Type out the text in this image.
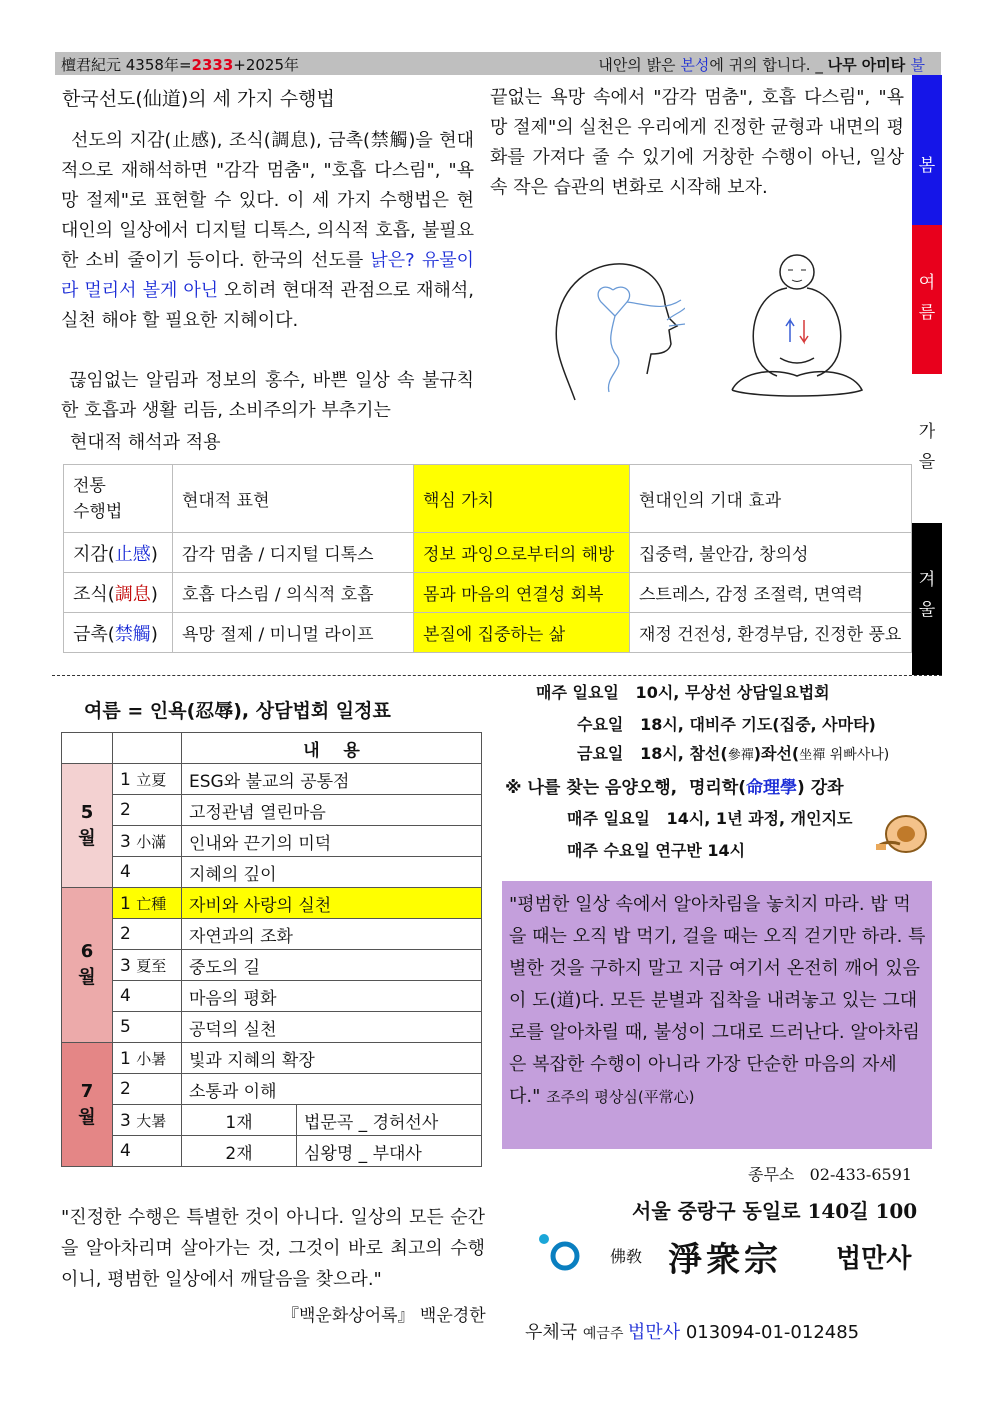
檀君紀元 4358年=2333+2025年	내안의 밝은 본성에 귀의 합니다. _ 나무 아미타 불
한국선도(仙道)의 세 가지 수행법
선도의 지감(止感), 조식(調息), 금촉(禁觸)을 현대적으로 재해석하면 "감각 멈춤", "호흡 다스림", "욕망 절제"로 표현할 수 있다. 이 세 가지 수행법은 현대인의 일상에서 디지털 디톡스, 의식적 호흡, 불필요한 소비 줄이기 등이다. 한국의 선도를 낡은? 유물이라 멀리서 볼게 아닌 오히려 현대적 관점으로 재해석, 실천 해야 할 필요한 지혜이다.
끊임없는 알림과 정보의 홍수, 바쁜 일상 속 불규칙한 호흡과 생활 리듬, 소비주의가 부추기는
현대적 해석과 적용
끝없는 욕망 속에서 "감각 멈춤", 호흡 다스림", "욕망 절제"의 실천은 우리에게 진정한 균형과 내면의 평화를 가져다 줄 수 있기에 거창한 수행이 아닌, 일상 속 작은 습관의 변화로 시작해 보자.
봄
여
름
가
을
겨
울
전통
수행법	현대적 표현	핵심 가치	현대인의 기대 효과
지감(止感)	감각 멈춤 / 디지털 디톡스	정보 과잉으로부터의 해방	집중력, 불안감, 창의성
조식(調息)	호흡 다스림 / 의식적 호흡	몸과 마음의 연결성 회복	스트레스, 감정 조절력, 면역력
금촉(禁觸)	욕망 절제 / 미니멀 라이프	본질에 집중하는 삶	재정 건전성, 환경부담, 진정한 풍요
여름 = 인욕(忍辱), 상담법회 일정표
		내    용	
5
월	1 立夏	ESG와 불교의 공통점	
	2	고정관념 열린마음	
	3 小滿	인내와 끈기의 미덕	
	4	지혜의 깊이	
6
월	1 亡種	자비와 사랑의 실천	
	2	자연과의 조화	
	3 夏至	중도의 길	
	4	마음의 평화	
	5	공덕의 실천	
7
월	1 小暑	빛과 지혜의 확장	
	2	소통과 이해	
	3 大暑	1재	법문곡 _ 경허선사
	4	2재	심왕명 _ 부대사
매주 일요일   10시, 무상선 상담일요법회
수요일   18시, 대비주 기도(집중, 사마타)
금요일   18시, 참선(參禪)좌선(坐禪 위빠사나)
※ 나를 찾는 음양오행,  명리학(命理學) 강좌
매주 일요일   14시, 1년 과정, 개인지도
매주 수요일 연구반 14시
"평범한 일상 속에서 알아차림을 놓치지 마라. 밥 먹을 때는 오직 밥 먹기, 걸을 때는 오직 걷기만 하라. 특별한 것을 구하지 말고 지금 여기서 온전히 깨어 있음이 도(道)다. 모든 분별과 집착을 내려놓고 있는 그대로를 알아차릴 때, 불성이 그대로 드러난다. 알아차림은 복잡한 수행이 아니라 가장 단순한 마음의 자세다." 조주의 평상심(平常心)
"진정한 수행은 특별한 것이 아니다. 일상의 모든 순간을 알아차리며 살아가는 것, 그것이 바로 최고의 수행이니, 평범한 일상에서 깨달음을 찾으라."
『백운화상어록』 백운경한
종무소   02-433-6591
서울 중랑구 동일로 140길 100
佛敎 淨衆宗 법만사
우체국 예금주 법만사 013094-01-012485
